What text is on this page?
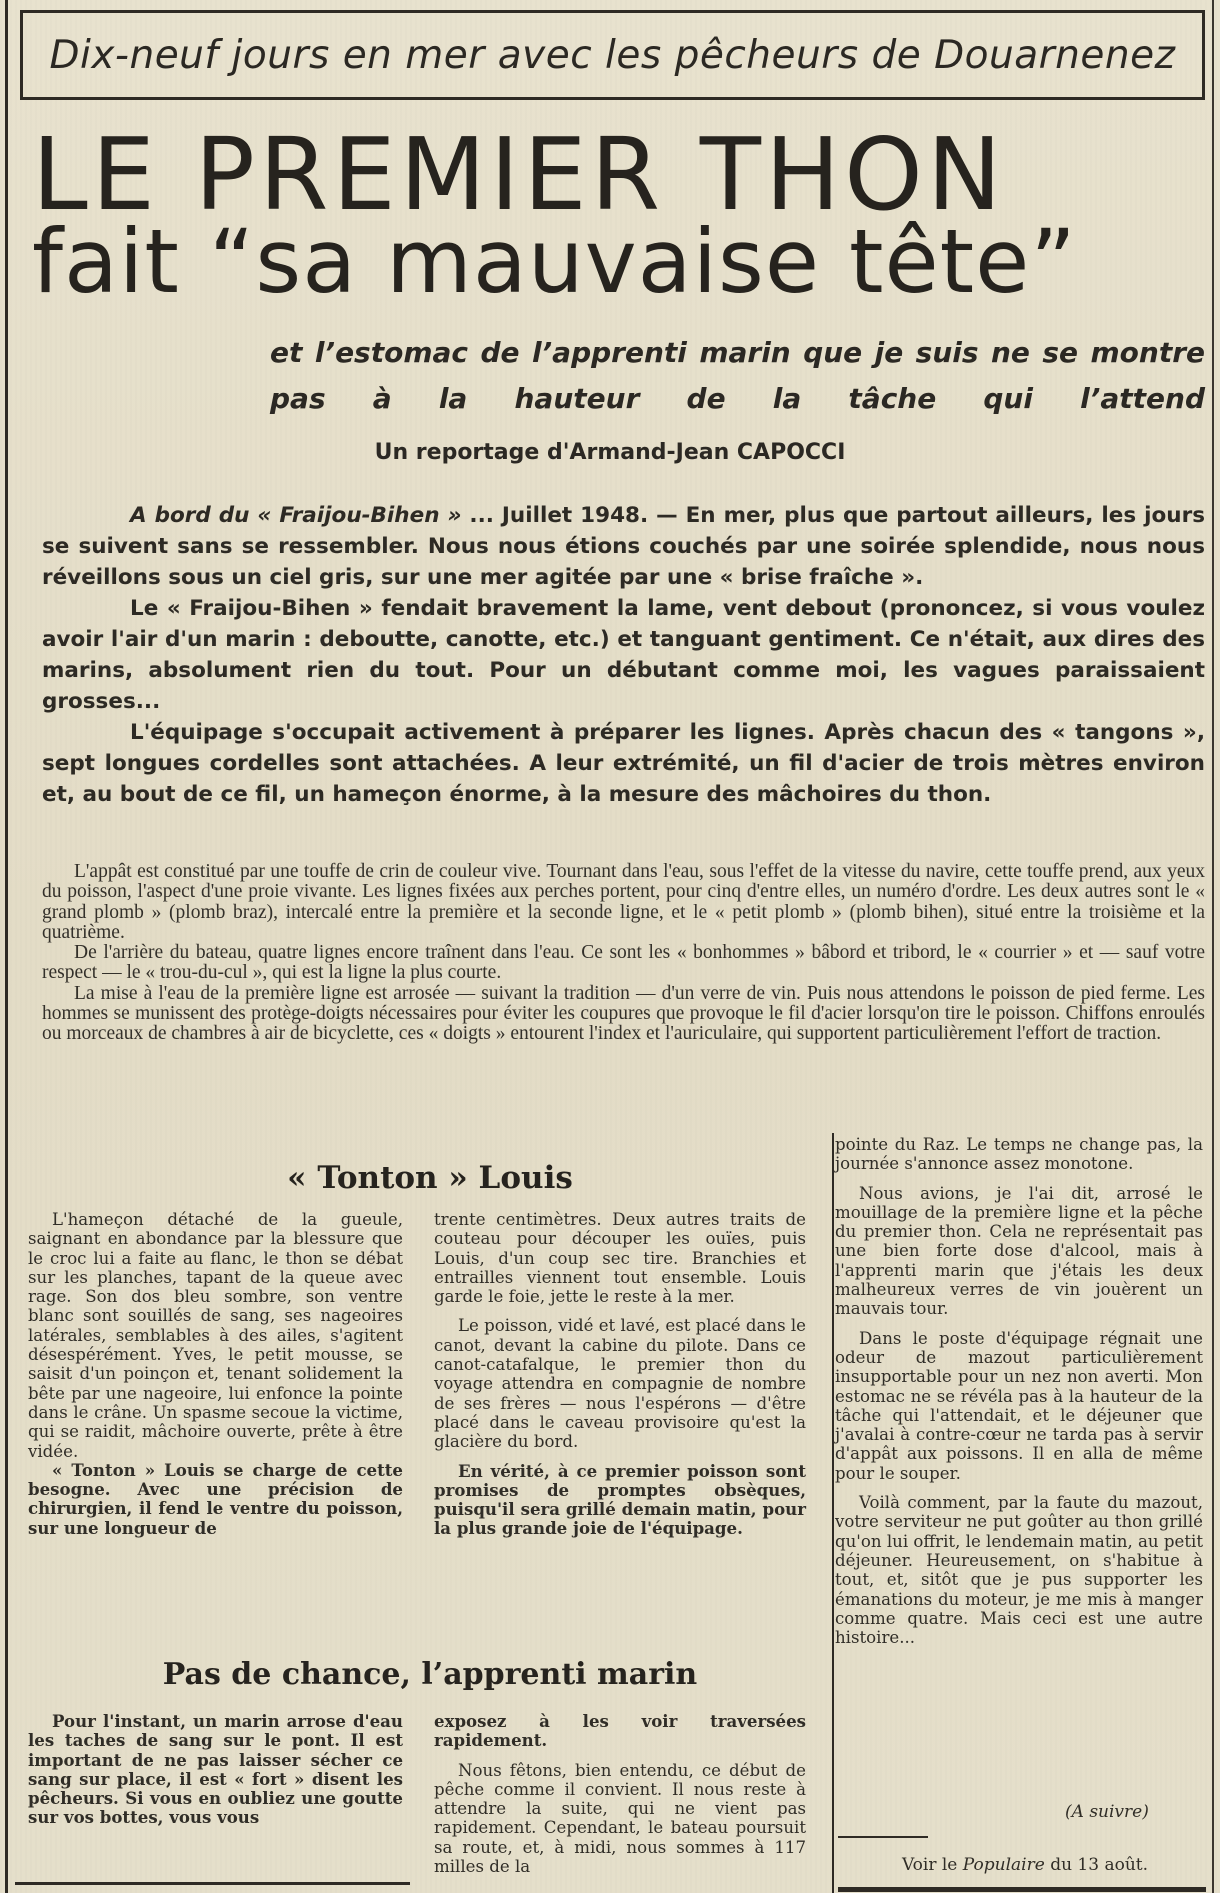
Dix-neuf jours en mer avec les pêcheurs de Douarnenez
LE PREMIER THON
fait “sa mauvaise tête”
et l’estomac de l’apprenti marin que je suis ne se montre pas à la hauteur de la tâche qui l’attend
Un reportage d'Armand-Jean CAPOCCI

A bord du « Fraijou-Bihen » ... Juillet 1948. — En mer, plus que partout ailleurs, les jours se suivent sans se ressembler. Nous nous étions couchés par une soirée splendide, nous nous réveillons sous un ciel gris, sur une mer agitée par une « brise fraîche ».

Le « Fraijou-Bihen » fendait bravement la lame, vent debout (prononcez, si vous voulez avoir l'air d'un marin : deboutte, canotte, etc.) et tanguant gentiment. Ce n'était, aux dires des marins, absolument rien du tout. Pour un débutant comme moi, les vagues paraissaient grosses...

L'équipage s'occupait activement à préparer les lignes. Après chacun des « tangons », sept longues cordelles sont attachées. A leur extrémité, un fil d'acier de trois mètres environ et, au bout de ce fil, un hameçon énorme, à la mesure des mâchoires du thon.

L'appât est constitué par une touffe de crin de couleur vive. Tournant dans l'eau, sous l'effet de la vitesse du navire, cette touffe prend, aux yeux du poisson, l'aspect d'une proie vivante. Les lignes fixées aux perches portent, pour cinq d'entre elles, un numéro d'ordre. Les deux autres sont le « grand plomb » (plomb braz), intercalé entre la première et la seconde ligne, et le « petit plomb » (plomb bihen), situé entre la troisième et la quatrième.

De l'arrière du bateau, quatre lignes encore traînent dans l'eau. Ce sont les « bonhommes » bâbord et tribord, le « courrier » et — sauf votre respect — le « trou-du-cul », qui est la ligne la plus courte.

La mise à l'eau de la première ligne est arrosée — suivant la tradition — d'un verre de vin. Puis nous attendons le poisson de pied ferme. Les hommes se munissent des protège-doigts nécessaires pour éviter les coupures que provoque le fil d'acier lorsqu'on tire le poisson. Chiffons enroulés ou morceaux de chambres à air de bicyclette, ces « doigts » entourent l'index et l'auriculaire, qui supportent particulièrement l'effort de traction.

« Tonton » Louis

L'hameçon détaché de la gueule, saignant en abondance par la blessure que le croc lui a faite au flanc, le thon se débat sur les planches, tapant de la queue avec rage. Son dos bleu sombre, son ventre blanc sont souillés de sang, ses nageoires latérales, semblables à des ailes, s'agitent désespérément. Yves, le petit mousse, se saisit d'un poinçon et, tenant solidement la bête par une nageoire, lui enfonce la pointe dans le crâne. Un spasme secoue la victime, qui se raidit, mâchoire ouverte, prête à être vidée.

« Tonton » Louis se charge de cette besogne. Avec une précision de chirurgien, il fend le ventre du poisson, sur une longueur de

trente centimètres. Deux autres traits de couteau pour découper les ouïes, puis Louis, d'un coup sec tire. Branchies et entrailles viennent tout ensemble. Louis garde le foie, jette le reste à la mer.

Le poisson, vidé et lavé, est placé dans le canot, devant la cabine du pilote. Dans ce canot-catafalque, le premier thon du voyage attendra en compagnie de nombre de ses frères — nous l'espérons — d'être placé dans le caveau provisoire qu'est la glacière du bord.

En vérité, à ce premier poisson sont promises de promptes obsèques, puisqu'il sera grillé demain matin, pour la plus grande joie de l'équipage.

Pas de chance, l’apprenti marin

Pour l'instant, un marin arrose d'eau les taches de sang sur le pont. Il est important de ne pas laisser sécher ce sang sur place, il est « fort » disent les pêcheurs. Si vous en oubliez une goutte sur vos bottes, vous vous

exposez à les voir traversées rapidement.

Nous fêtons, bien entendu, ce début de pêche comme il convient. Il nous reste à attendre la suite, qui ne vient pas rapidement. Cependant, le bateau poursuit sa route, et, à midi, nous sommes à 117 milles de la

pointe du Raz. Le temps ne change pas, la journée s'annonce assez monotone.

Nous avions, je l'ai dit, arrosé le mouillage de la première ligne et la pêche du premier thon. Cela ne représentait pas une bien forte dose d'alcool, mais à l'apprenti marin que j'étais les deux malheureux verres de vin jouèrent un mauvais tour.

Dans le poste d'équipage régnait une odeur de mazout particulièrement insupportable pour un nez non averti. Mon estomac ne se révéla pas à la hauteur de la tâche qui l'attendait, et le déjeuner que j'avalai à contre-cœur ne tarda pas à servir d'appât aux poissons. Il en alla de même pour le souper.

Voilà comment, par la faute du mazout, votre serviteur ne put goûter au thon grillé qu'on lui offrit, le lendemain matin, au petit déjeuner. Heureusement, on s'habitue à tout, et, sitôt que je pus supporter les émanations du moteur, je me mis à manger comme quatre. Mais ceci est une autre histoire...

(A suivre)
Voir le Populaire du 13 août.
